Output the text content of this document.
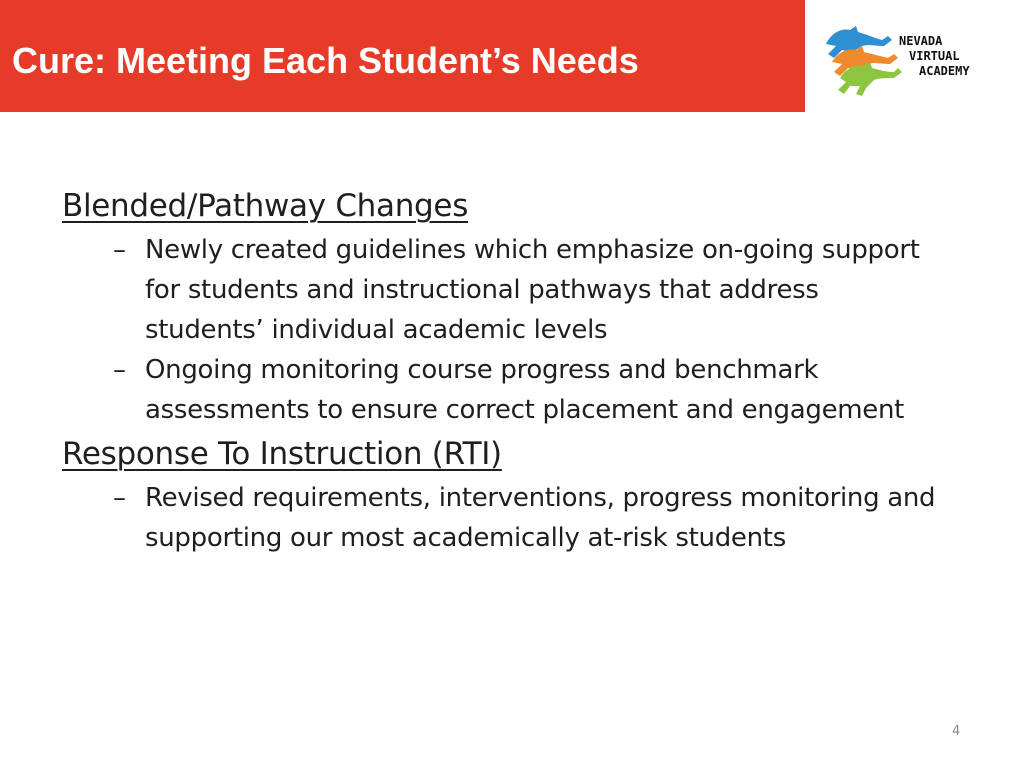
Cure: Meeting Each Student’s Needs	NEVADA
VIRTUAL
ACADEMY
Blended/Pathway Changes
– Newly created guidelines which emphasize on-going support for students and instructional pathways that address students’ individual academic levels
– Ongoing monitoring course progress and benchmark assessments to ensure correct placement and engagement
Response To Instruction (RTI)
– Revised requirements, interventions, progress monitoring and supporting our most academically at-risk students
4
